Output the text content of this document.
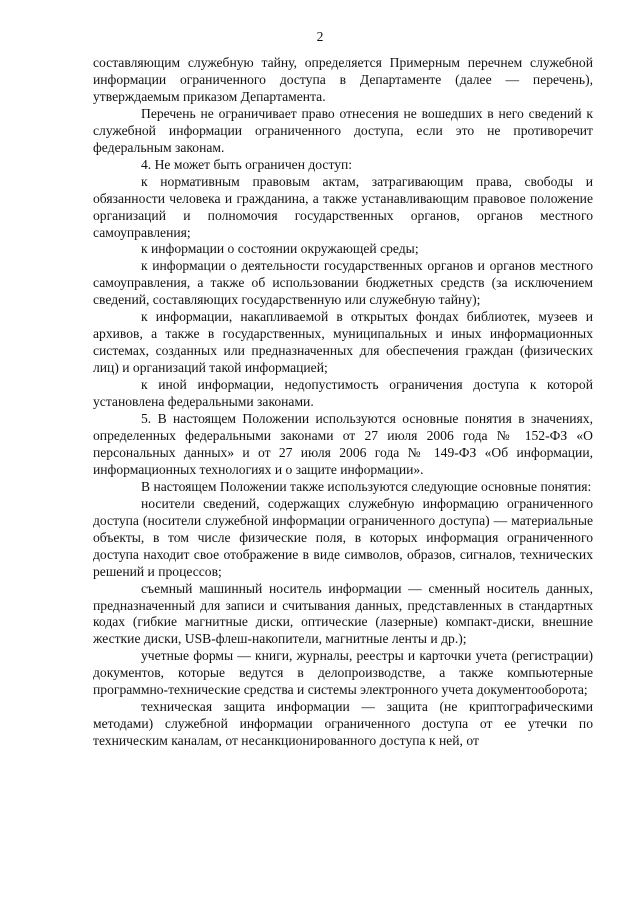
2

составляющим служебную тайну, определяется Примерным перечнем служебной информации ограниченного доступа в Департаменте (далее — перечень), утверждаемым приказом Департамента.

Перечень не ограничивает право отнесения не вошедших в него сведений к служебной информации ограниченного доступа, если это не противоречит федеральным законам.

4. Не может быть ограничен доступ:

к нормативным правовым актам, затрагивающим права, свободы и обязанности человека и гражданина, а также устанавливающим правовое положение организаций и полномочия государственных органов, органов местного самоуправления;

к информации о состоянии окружающей среды;

к информации о деятельности государственных органов и органов местного самоуправления, а также об использовании бюджетных средств (за исключением сведений, составляющих государственную или служебную тайну);

к информации, накапливаемой в открытых фондах библиотек, музеев и архивов, а также в государственных, муниципальных и иных информационных системах, созданных или предназначенных для обеспечения граждан (физических лиц) и организаций такой информацией;

к иной информации, недопустимость ограничения доступа к которой установлена федеральными законами.

5. В настоящем Положении используются основные понятия в значениях, определенных федеральными законами от 27 июля 2006 года № 152-ФЗ «О персональных данных» и от 27 июля 2006 года № 149-ФЗ «Об информации, информационных технологиях и о защите информации».

В настоящем Положении также используются следующие основные понятия:

носители сведений, содержащих служебную информацию ограниченного доступа (носители служебной информации ограниченного доступа) — материальные объекты, в том числе физические поля, в которых информация ограниченного доступа находит свое отображение в виде символов, образов, сигналов, технических решений и процессов;

съемный машинный носитель информации — сменный носитель данных, предназначенный для записи и считывания данных, представленных в стандартных кодах (гибкие магнитные диски, оптические (лазерные) компакт-диски, внешние жесткие диски, USB-флеш-накопители, магнитные ленты и др.);

учетные формы — книги, журналы, реестры и карточки учета (регистрации) документов, которые ведутся в делопроизводстве, а также компьютерные программно-технические средства и системы электронного учета документооборота;

техническая защита информации — защита (не криптографическими методами) служебной информации ограниченного доступа от ее утечки по техническим каналам, от несанкционированного доступа к ней, от
